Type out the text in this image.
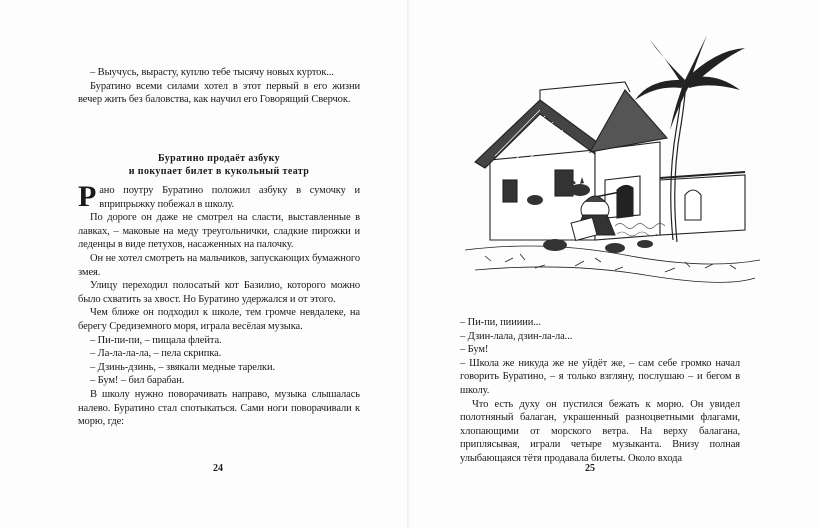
– Выучусь, вырасту, куплю тебе тысячу новых курток...

Буратино всеми силами хотел в этот первый в его жизни вечер жить без баловства, как научил его Говорящий Сверчок.

Буратино продаёт азбуку
и покупает билет в кукольный театр

Рано поутру Буратино положил азбуку в сумочку и вприпрыжку побежал в школу.

По дороге он даже не смотрел на сласти, выставленные в лавках, – маковые на меду треугольнички, сладкие пирожки и леденцы в виде петухов, насаженных на палочку.

Он не хотел смотреть на мальчиков, запускающих бумажного змея.

Улицу переходил полосатый кот Базилио, которого можно было схватить за хвост. Но Буратино удержался и от этого.

Чем ближе он подходил к школе, тем громче невдалеке, на берегу Средиземного моря, играла весёлая музыка.

– Пи-пи-пи, – пищала флейта.

– Ла-ла-ла-ла, – пела скрипка.

– Дзинь-дзинь, – звякали медные тарелки.

– Бум! – бил барабан.

В школу нужно поворачивать направо, музыка слышалась налево. Буратино стал спотыкаться. Сами ноги поворачивали к морю, где:

24

– Пи-пи, пиииии...

– Дзин-лала, дзин-ла-ла...

– Бум!

– Школа же никуда же не уйдёт же, – сам себе громко начал говорить Буратино, – я только взгляну, послушаю – и бегом в школу.

Что есть духу он пустился бежать к морю. Он увидел полотняный балаган, украшенный разноцветными флагами, хлопающими от морского ветра. На верху балагана, приплясывая, играли четыре музыканта. Внизу полная улыбающаяся тётя продавала билеты. Около входа

25
